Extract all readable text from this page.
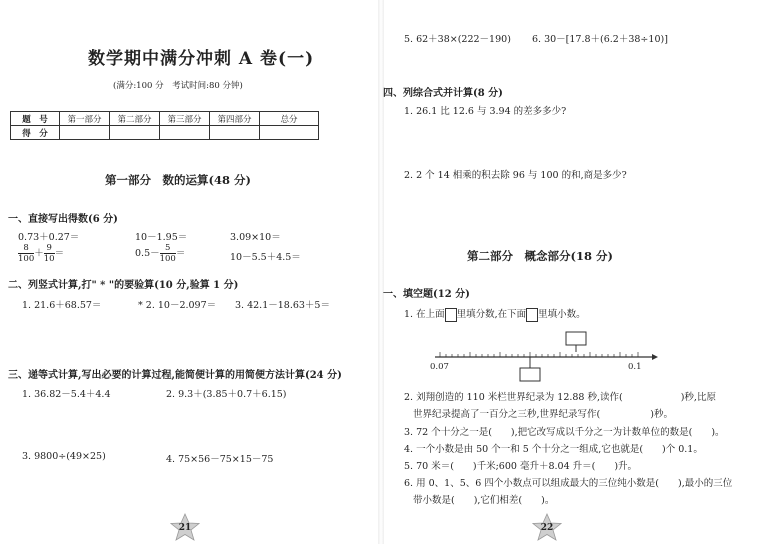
数学期中满分冲刺 A 卷(一)
(满分:100 分　考试时间:80 分钟)
题　号	第一部分	第二部分	第三部分	第四部分	总分
得　分					
第一部分　数的运算(48 分)
一、直接写出得数(6 分)
0.73＋0.27＝	10－1.95＝	3.09×10＝
$\frac{8}{100} + \frac{9}{10}$ ＝	$0.5- \frac{5}{100}$ ＝	10－5.5＋4.5＝
二、列竖式计算,打" * "的要验算(10 分,验算 1 分)
1. 21.6＋68.57＝	* 2. 10－2.097＝ 3. 42.1－18.63＋5＝
三、递等式计算,写出必要的计算过程,能简便计算的用简便方法计算(24 分)
1. 36.82－5.4＋4.4	2. 9.3＋(3.85＋0.7＋6.15)
3. 9800÷(49×25)	4. 75×56－75×15－75
21
5. 62＋38×(222－190) 6. 30－[17.8＋(6.2＋38÷10)]
四、列综合式并计算(8 分)
1. 26.1 比 12.6 与 3.94 的差多多少?
2. 2 个 14 相乘的积去除 96 与 100 的和,商是多少?
第二部分　概念部分(18 分)
一、填空题(12 分)
1. 在上面 里填分数,在下面 里填小数。
0.07	0.1
2. 刘翔创造的 110 米栏世界纪录为 12.88 秒,读作(	)秒,比原
世界纪录提高了一百分之三秒,世界纪录写作(	)秒。
3. 72 个十分之一是(　　),把它改写成以千分之一为计数单位的数是(　　)。
4. 一个小数是由 50 个一和 5 个十分之一组成,它也就是(　　)个 0.1。
5. 70 米＝(　　)千米;600 毫升＋8.04 升＝(　　)升。
6. 用 0、1、5、6 四个小数点可以组成最大的三位纯小数是(　　),最小的三位
带小数是(　　),它们相差(　　)。
22
